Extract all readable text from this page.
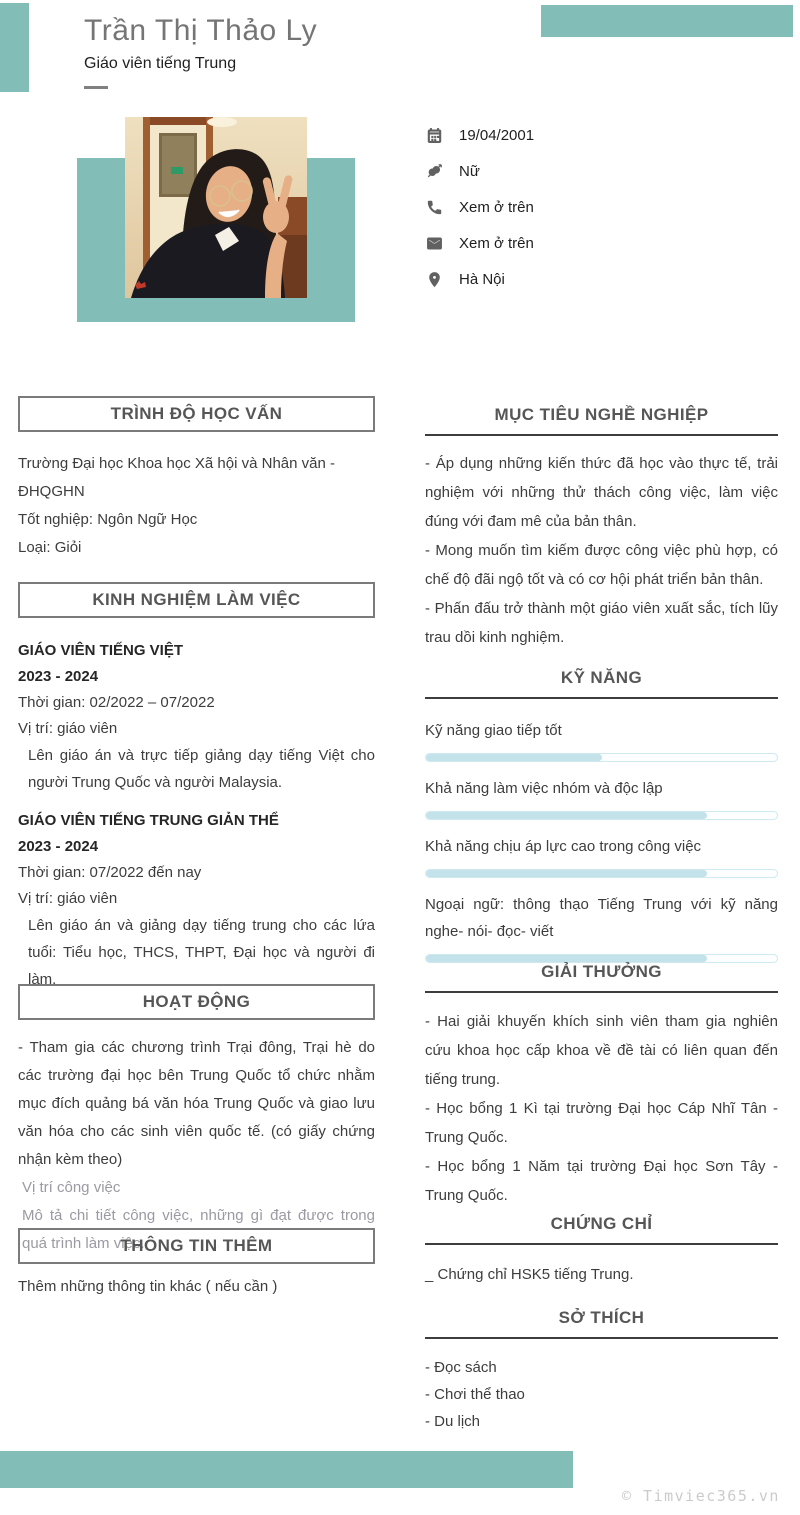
Trần Thị Thảo Ly
Giáo viên tiếng Trung
19/04/2001
Nữ
Xem ở trên
Xem ở trên
Hà Nội
TRÌNH ĐỘ HỌC VẤN
Trường Đại học Khoa học Xã hội và Nhân văn - ĐHQGHN
Tốt nghiệp: Ngôn Ngữ Học
Loại: Giỏi
KINH NGHIỆM LÀM VIỆC
GIÁO VIÊN TIẾNG VIỆT
2023 - 2024
Thời gian: 02/2022 – 07/2022
Vị trí: giáo viên
Lên giáo án và trực tiếp giảng dạy tiếng Việt cho người Trung Quốc và người Malaysia.
GIÁO VIÊN TIẾNG TRUNG GIẢN THỂ
2023 - 2024
Thời gian: 07/2022 đến nay
Vị trí: giáo viên
Lên giáo án và giảng dạy tiếng trung cho các lứa tuổi: Tiểu học, THCS, THPT, Đại học và người đi làm.
HOẠT ĐỘNG
- Tham gia các chương trình Trại đông, Trại hè do các trường đại học bên Trung Quốc tổ chức nhằm mục đích quảng bá văn hóa Trung Quốc và giao lưu văn hóa cho các sinh viên quốc tế. (có giấy chứng nhận kèm theo)
Vị trí công việc
Mô tả chi tiết công việc, những gì đạt được trong quá trình làm việc.
THÔNG TIN THÊM
Thêm những thông tin khác ( nếu cần )
MỤC TIÊU NGHỀ NGHIỆP

- Áp dụng những kiến thức đã học vào thực tế, trải nghiệm với những thử thách công việc, làm việc đúng với đam mê của bản thân.

- Mong muốn tìm kiếm được công việc phù hợp, có chế độ đãi ngộ tốt và có cơ hội phát triển bản thân.

- Phấn đấu trở thành một giáo viên xuất sắc, tích lũy trau dồi kinh nghiệm.

KỸ NĂNG
Kỹ năng giao tiếp tốt
Khả năng làm việc nhóm và độc lập
Khả năng chịu áp lực cao trong công việc
Ngoại ngữ: thông thạo Tiếng Trung với kỹ năng nghe- nói- đọc- viết
GIẢI THƯỞNG

- Hai giải khuyến khích sinh viên tham gia nghiên cứu khoa học cấp khoa về đề tài có liên quan đến tiếng trung.

- Học bổng 1 Kì tại trường Đại học Cáp Nhĩ Tân - Trung Quốc.

- Học bổng 1 Năm tại trường Đại học Sơn Tây - Trung Quốc.

CHỨNG CHỈ

_ Chứng chỉ HSK5 tiếng Trung.

SỞ THÍCH

- Đọc sách

- Chơi thể thao

- Du lịch

© Timviec365.vn
